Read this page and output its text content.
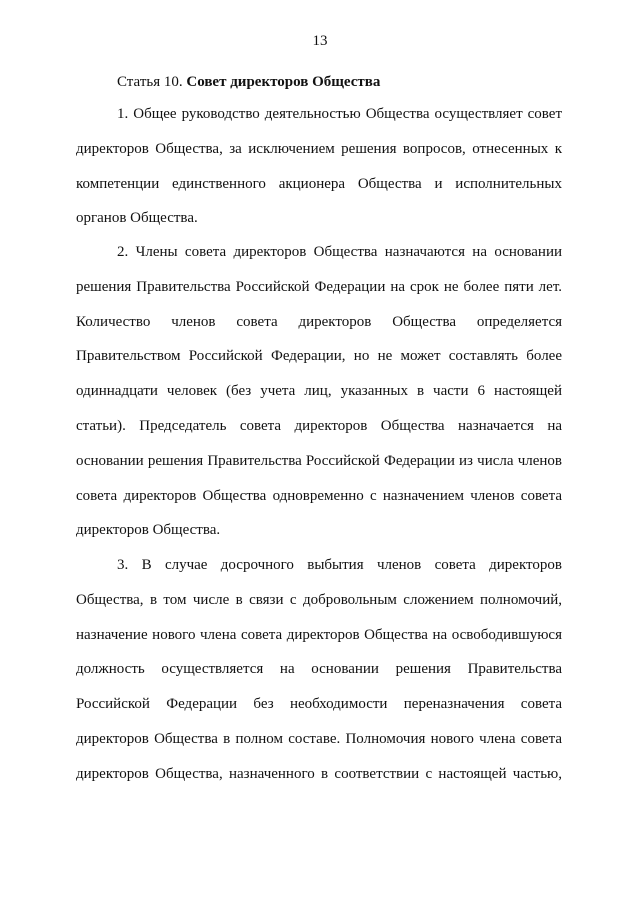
13
Статья 10. Совет директоров Общества
1. Общее руководство деятельностью Общества осуществляет совет
директоров Общества, за исключением решения вопросов, отнесенных к
компетенции единственного акционера Общества и исполнительных
органов Общества.
2. Члены совета директоров Общества назначаются на основании
решения Правительства Российской Федерации на срок не более пяти лет.
Количество членов совета директоров Общества определяется
Правительством Российской Федерации, но не может составлять более
одиннадцати человек (без учета лиц, указанных в части 6 настоящей
статьи). Председатель совета директоров Общества назначается на
основании решения Правительства Российской Федерации из числа членов
совета директоров Общества одновременно с назначением членов совета
директоров Общества.
3. В случае досрочного выбытия членов совета директоров
Общества, в том числе в связи с добровольным сложением полномочий,
назначение нового члена совета директоров Общества на освободившуюся
должность осуществляется на основании решения Правительства
Российской Федерации без необходимости переназначения совета
директоров Общества в полном составе. Полномочия нового члена совета
директоров Общества, назначенного в соответствии с настоящей частью,
